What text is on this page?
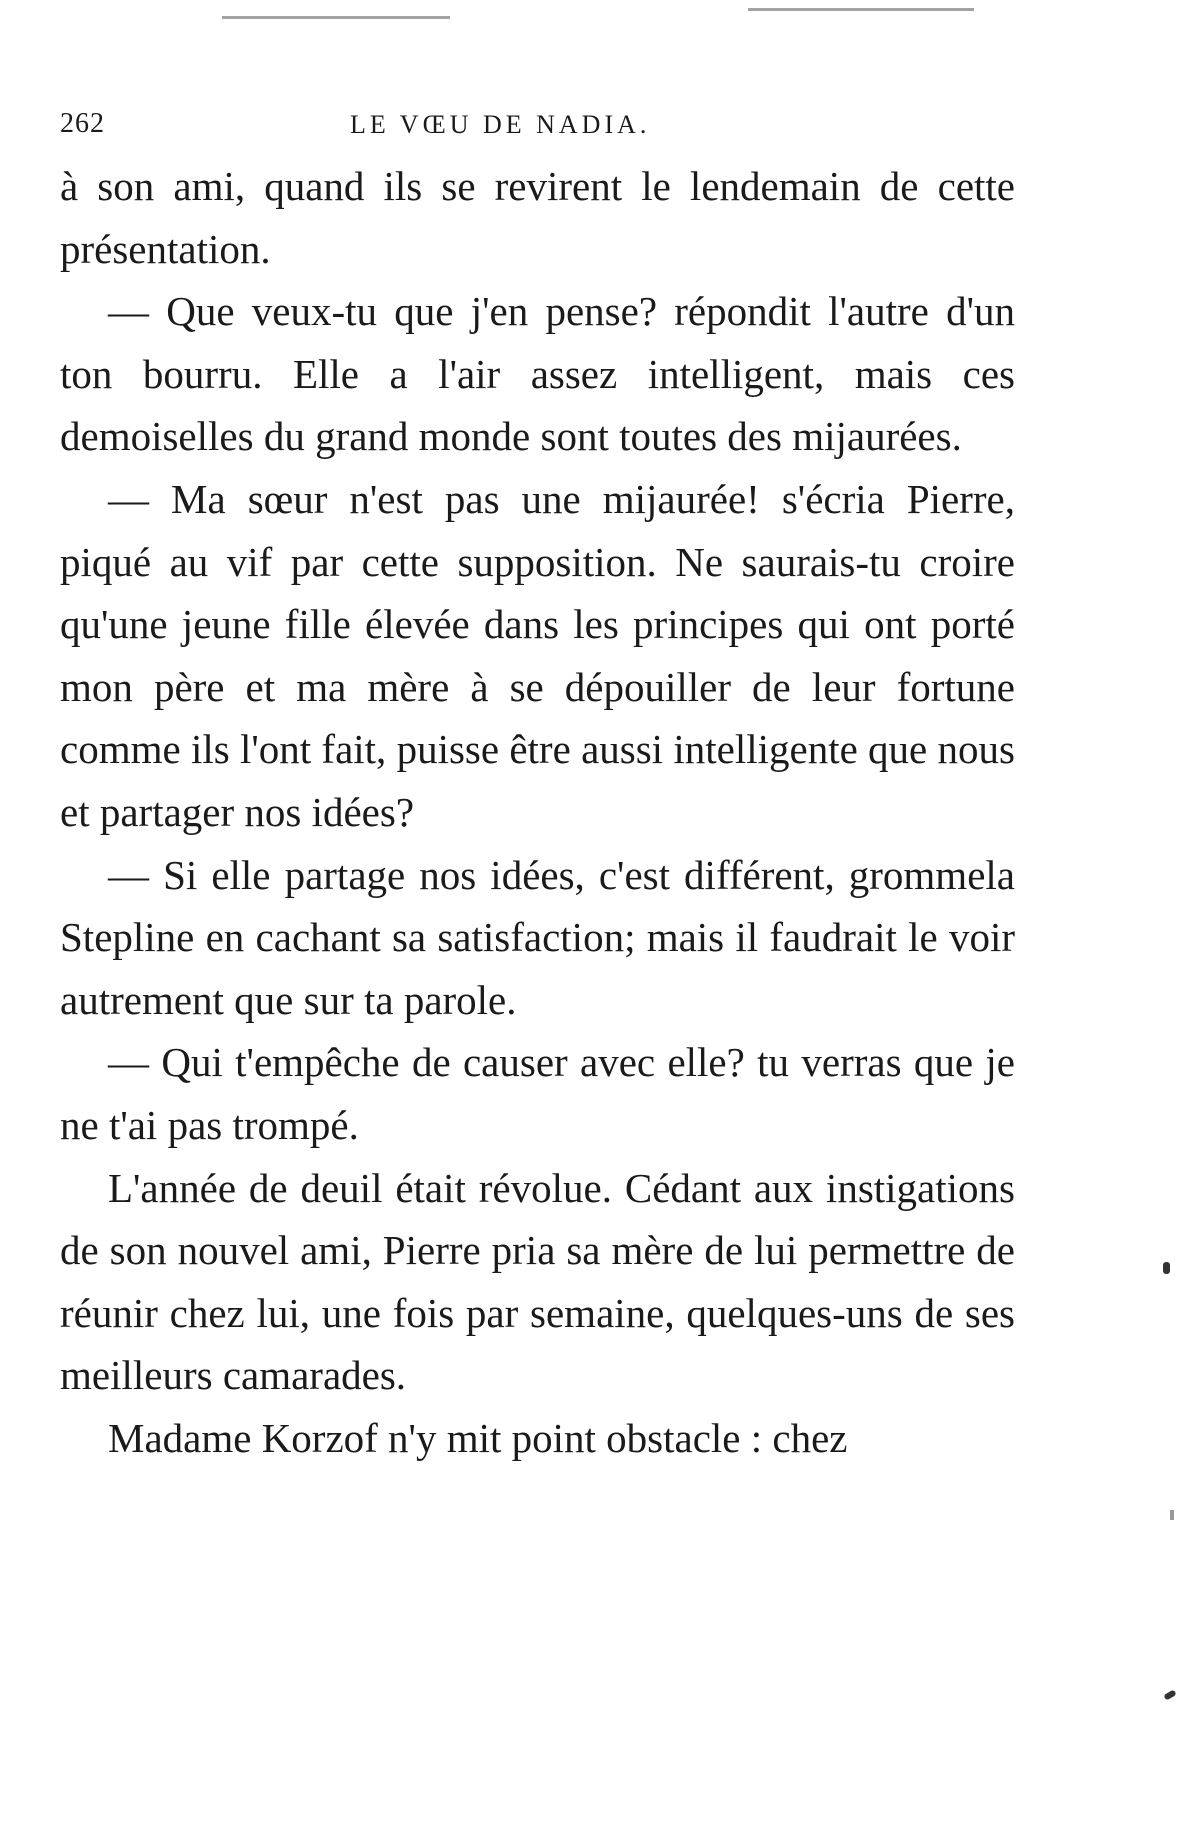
262	LE VŒU DE NADIA.

à son ami, quand ils se revirent le lendemain de cette présentation.

— Que veux-tu que j'en pense? répondit l'autre d'un ton bourru. Elle a l'air assez intelligent, mais ces demoiselles du grand monde sont toutes des mijaurées.

— Ma sœur n'est pas une mijaurée! s'écria Pierre, piqué au vif par cette supposition. Ne saurais-tu croire qu'une jeune fille élevée dans les principes qui ont porté mon père et ma mère à se dépouiller de leur fortune comme ils l'ont fait, puisse être aussi intelligente que nous et partager nos idées?

— Si elle partage nos idées, c'est différent, grommela Stepline en cachant sa satisfaction; mais il faudrait le voir autrement que sur ta parole.

— Qui t'empêche de causer avec elle? tu verras que je ne t'ai pas trompé.

L'année de deuil était révolue. Cédant aux instigations de son nouvel ami, Pierre pria sa mère de lui permettre de réunir chez lui, une fois par semaine, quelques-uns de ses meilleurs camarades.

Madame Korzof n'y mit point obstacle : chez
